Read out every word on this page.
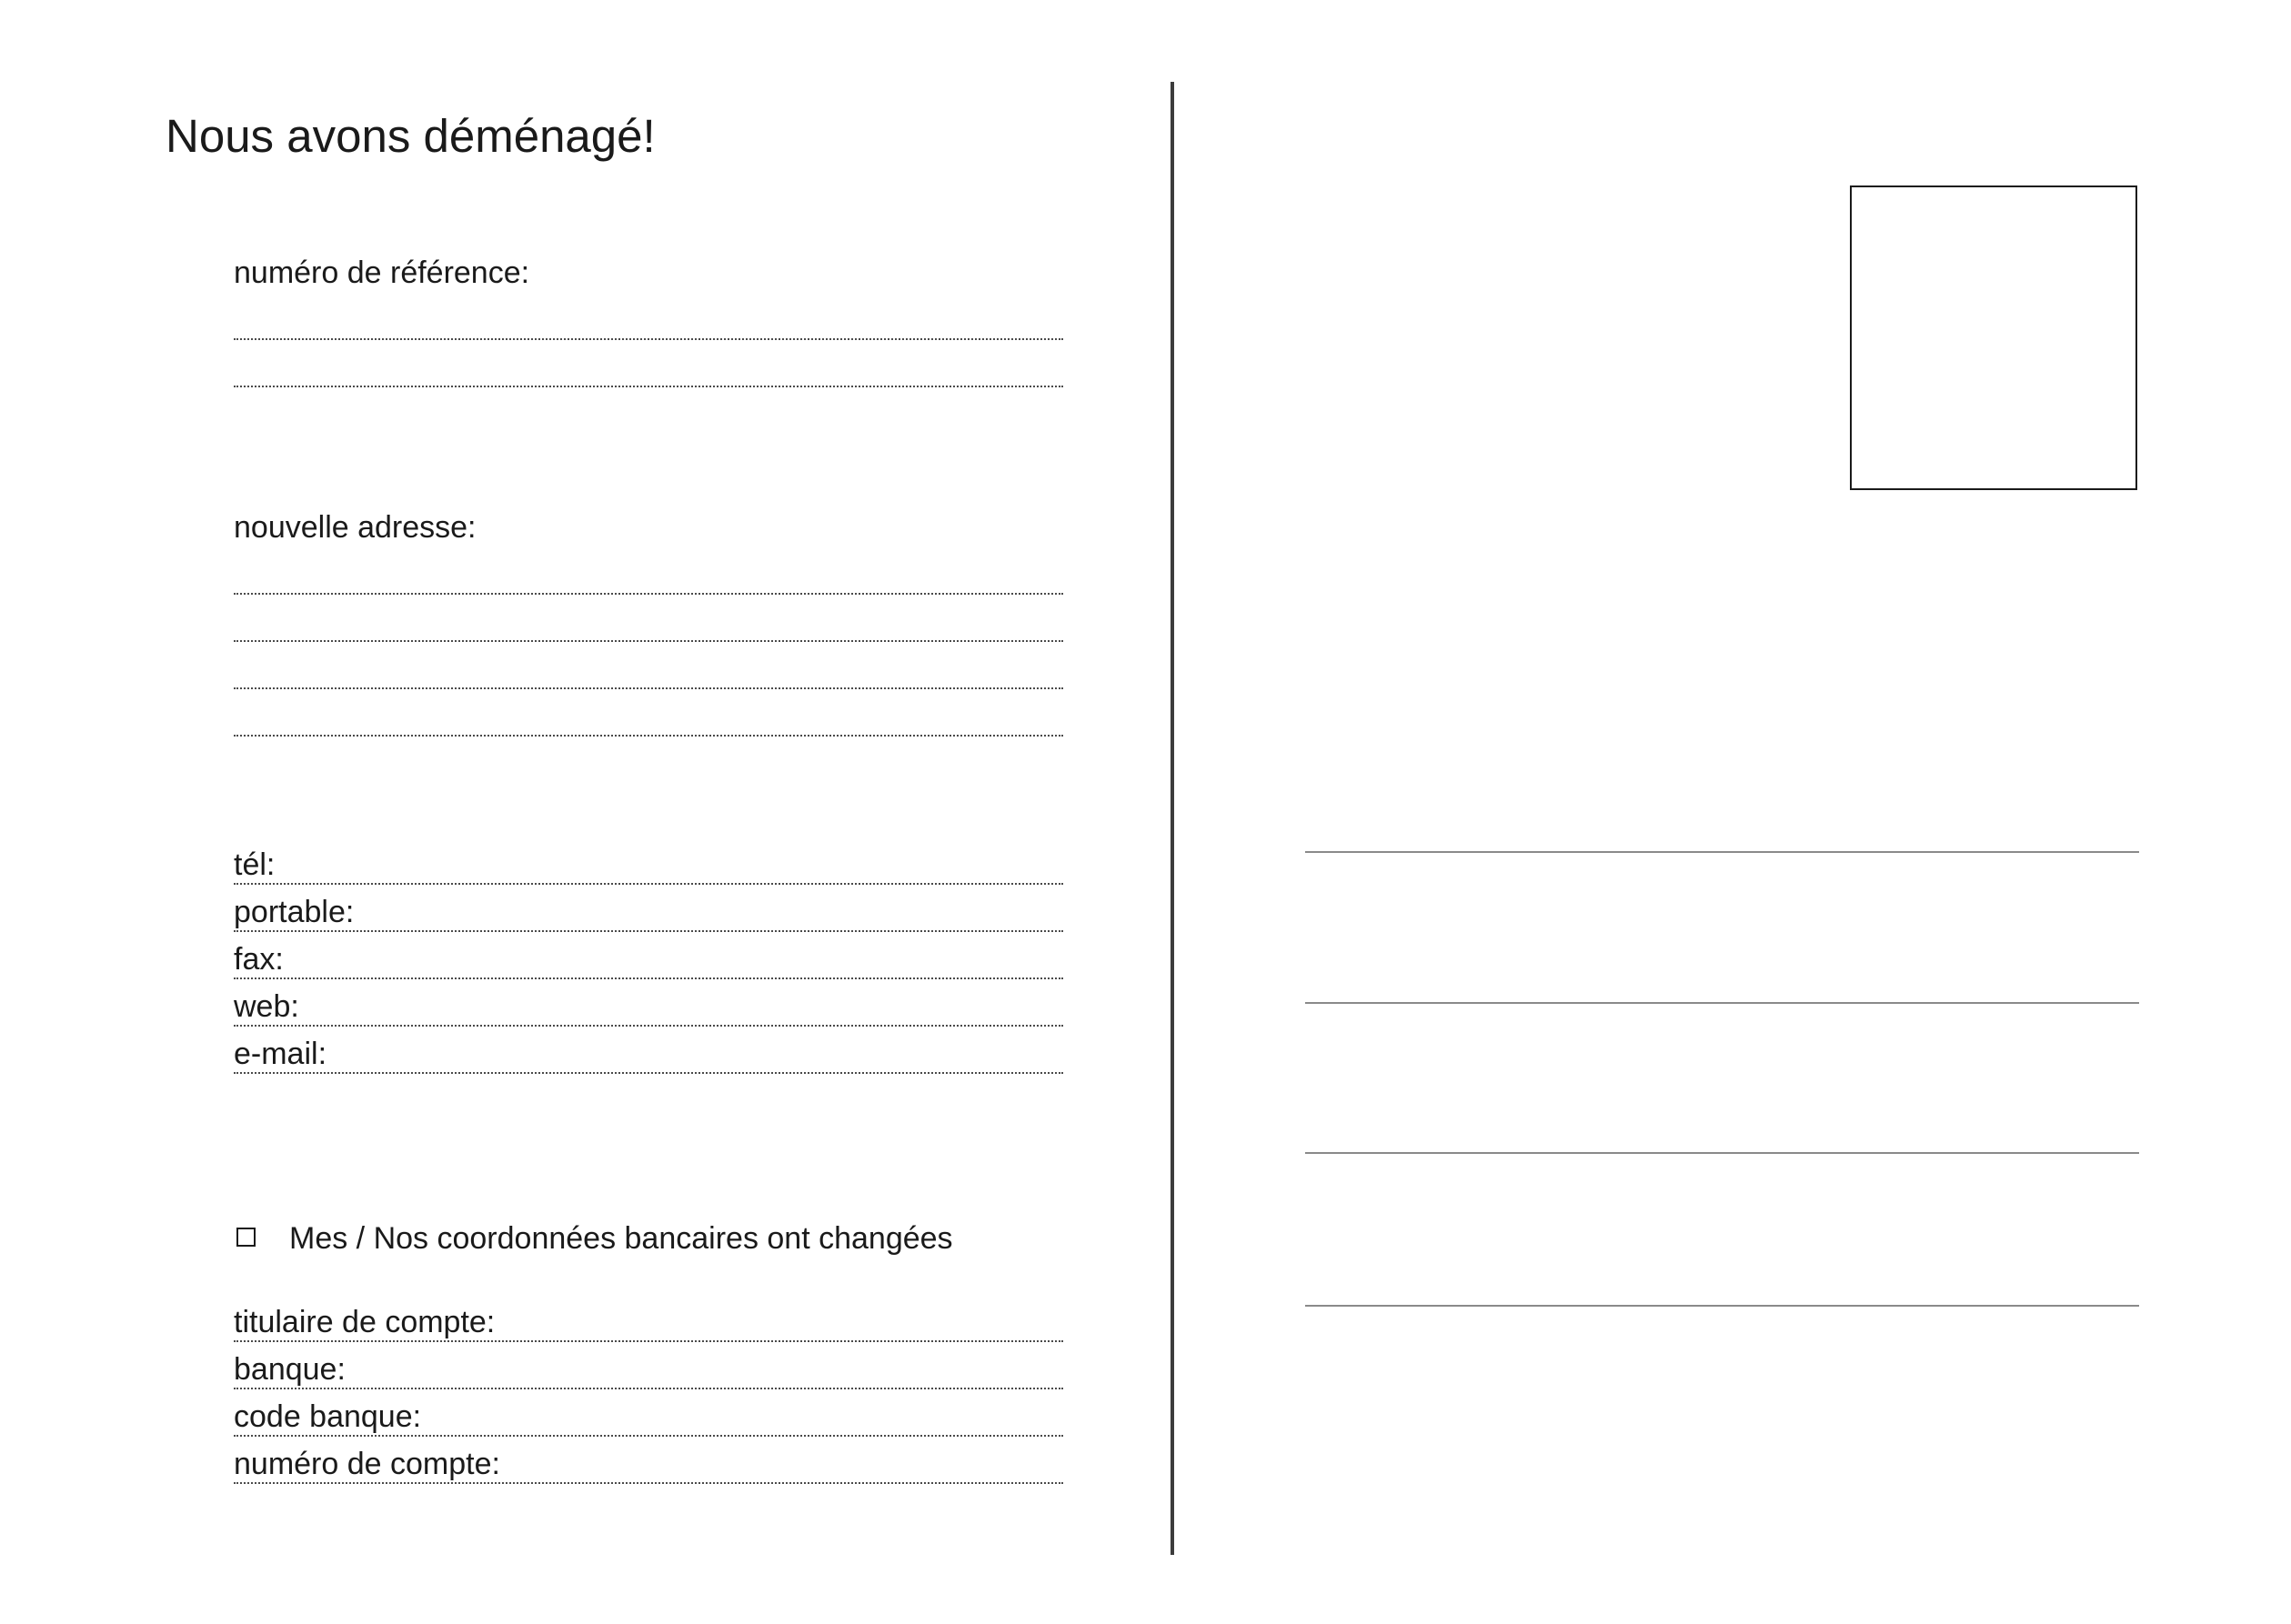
Nous avons déménagé!
numéro de référence:
nouvelle adresse:
tél:
portable:
fax:
web:
e-mail:
Mes / Nos coordonnées bancaires ont changées
titulaire de compte:
banque:
code banque:
numéro de compte:
